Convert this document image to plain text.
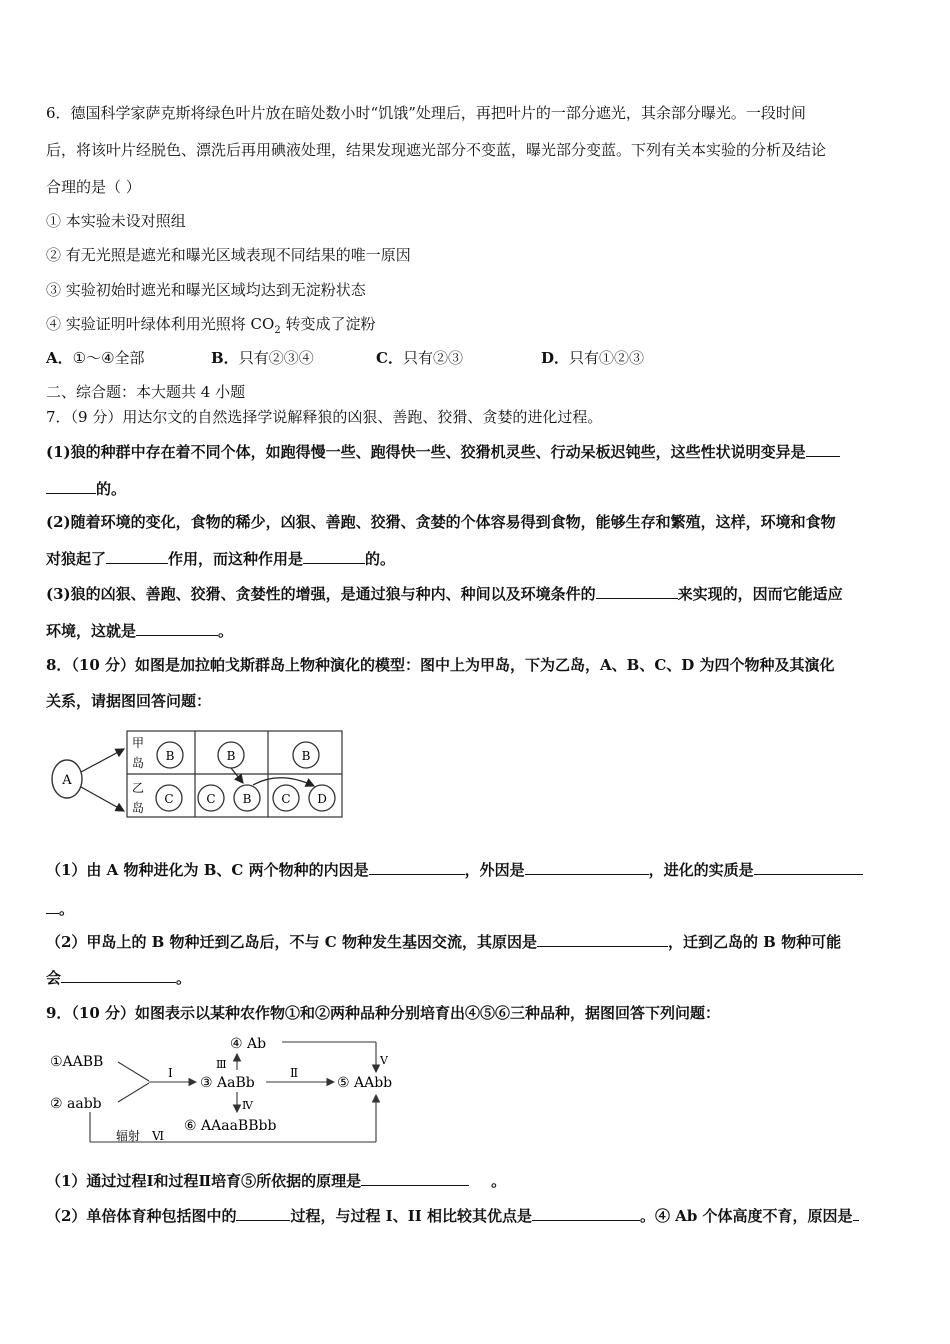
6．德国科学家萨克斯将绿色叶片放在暗处数小时“饥饿”处理后，再把叶片的一部分遮光，其余部分曝光。一段时间
后，将该叶片经脱色、漂洗后再用碘液处理，结果发现遮光部分不变蓝，曝光部分变蓝。下列有关本实验的分析及结论
合理的是（ ）
① 本实验未设对照组
② 有无光照是遮光和曝光区域表现不同结果的唯一原因
③ 实验初始时遮光和曝光区域均达到无淀粉状态
④ 实验证明叶绿体利用光照将 $CO_2$ 转变成了淀粉
A．①～④全部	B．只有②③④	C．只有②③	D．只有①②③
二、综合题：本大题共 4 小题
7．（9 分）用达尔文的自然选择学说解释狼的凶狠、善跑、狡猾、贪婪的进化过程。
(1)狼的种群中存在着不同个体，如跑得慢一些、跑得快一些、狡猾机灵些、行动呆板迟钝些，这些性状说明变异是
的。
(2)随着环境的变化，食物的稀少，凶狠、善跑、狡猾、贪婪的个体容易得到食物，能够生存和繁殖，这样，环境和食物
对狼起了	作用，而这种作用是	的。
(3)狼的凶狠、善跑、狡猾、贪婪性的增强，是通过狼与种内、种间以及环境条件的	来实现的，因而它能适应
环境，这就是	。
8．（10 分）如图是加拉帕戈斯群岛上物种演化的模型：图中上为甲岛，下为乙岛，A、B、C、D 为四个物种及其演化
关系，请据图回答问题：
A
甲
岛
乙
岛
B
C
B
C B
B
C D
（1）由 A 物种进化为 B、C 两个物种的内因是	，外因是	，进化的实质是
。
（2）甲岛上的 B 物种迁到乙岛后，不与 C 物种发生基因交流，其原因是	，迁到乙岛的 B 物种可能
会	。
9．（10 分）如图表示以某种农作物①和②两种品种分别培育出④⑤⑥三种品种，据图回答下列问题：
①AABB
② aabb
Ⅰ
③ AaBb
Ⅲ
④ Ab
Ⅴ
Ⅱ
⑤ AAbb
Ⅳ
⑥ AAaaBBbb
辐射　Ⅵ
（1）通过过程Ⅰ和过程Ⅱ培育⑤所依据的原理是	。
（2）单倍体育种包括图中的	过程，与过程 I、II 相比较其优点是	。④ Ab 个体高度不育，原因是
